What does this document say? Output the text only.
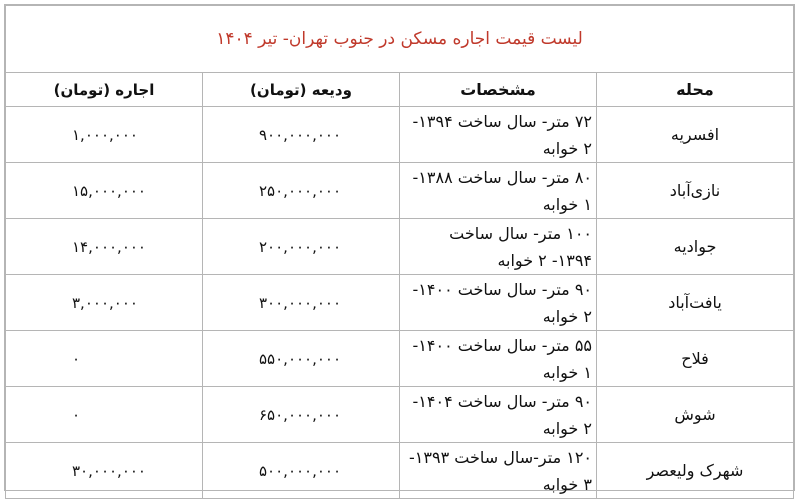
لیست قیمت اجاره مسکن در جنوب تهران- تیر ۱۴۰۴			
محله	مشخصات	ودیعه (تومان)	اجاره (تومان)
افسریه	۷۲ متر- سال ساخت ۱۳۹۴- ۲ خوابه	۹۰۰,۰۰۰,۰۰۰	۱,۰۰۰,۰۰۰
نازی‌آباد	۸۰ متر- سال ساخت ۱۳۸۸- ۱ خوابه	۲۵۰,۰۰۰,۰۰۰	۱۵,۰۰۰,۰۰۰
جوادیه	۱۰۰ متر- سال ساخت ۱۳۹۴- ۲ خوابه	۲۰۰,۰۰۰,۰۰۰	۱۴,۰۰۰,۰۰۰
یافت‌آباد	۹۰ متر- سال ساخت ۱۴۰۰- ۲ خوابه	۳۰۰,۰۰۰,۰۰۰	۳,۰۰۰,۰۰۰
فلاح	۵۵ متر- سال ساخت ۱۴۰۰- ۱ خوابه	۵۵۰,۰۰۰,۰۰۰	۰
شوش	۹۰ متر- سال ساخت ۱۴۰۴- ۲ خوابه	۶۵۰,۰۰۰,۰۰۰	۰
شهرک ولیعصر	۱۲۰ متر-سال ساخت ۱۳۹۳- ۳ خوابه	۵۰۰,۰۰۰,۰۰۰	۳۰,۰۰۰,۰۰۰
